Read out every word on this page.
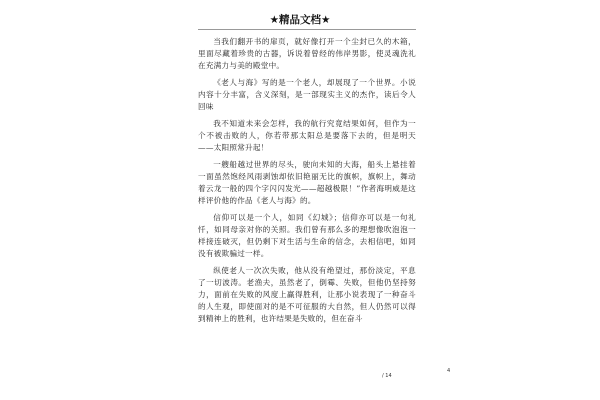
★精品文档★

当我们翻开书的扉页，就好像打开一个尘封已久的木箱，里面尽藏着珍贵的古器，诉说着曾经的伟岸男影，使灵魂洗礼在充满力与美的殿堂中。

《老人与海》写的是一个老人，却展现了一个世界。小说内容十分丰富，含义深刻，是一部现实主义的杰作，读后令人回味

我不知道未来会怎样，我的航行究竟结果如何，但作为一个不被击败的人，你若带那太阳总是要落下去的，但是明天——太阳照常升起！

一艘船越过世界的尽头，驶向未知的大海，船头上悬挂着一面虽然饱经风雨剥蚀却依旧艳丽无比的旗帜，旗帜上，舞动着云龙一般的四个字闪闪发光——超越极限！”作者海明威是这样评价他的作品《老人与海》的。

信仰可以是一个人，如同《幻城》；信仰亦可以是一句礼忏，如同母亲对你的关照。我们曾有那么多的理想像吹泡泡一样接连破灭，但仍剩下对生活与生命的信念，去相信吧，如同没有被欺骗过一样。

纵使老人一次次失败，他从没有绝望过，那份淡定，平息了一切波涛。老渔夫，虽然老了，倒霉、失败，但他仍坚持努力，面前在失败的风度上赢得胜利，让那小说表现了一种奋斗的人生观，即使面对的是不可征服的大自然，但人仍然可以得到精神上的胜利，也许结果是失败的，但在奋斗

/ 14
4
